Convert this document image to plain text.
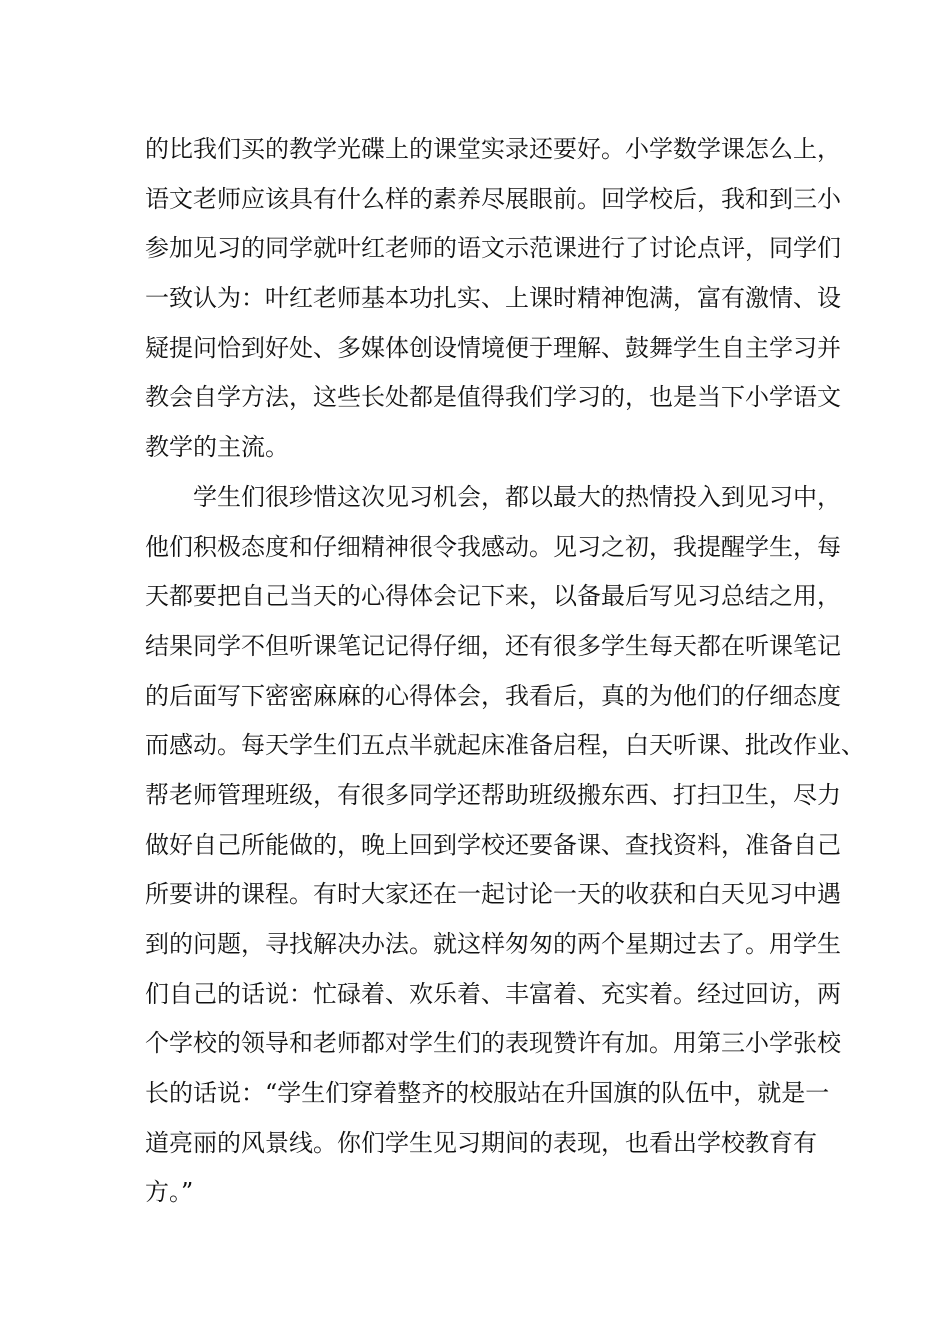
的比我们买的教学光碟上的课堂实录还要好。小学数学课怎么上，
语文老师应该具有什么样的素养尽展眼前。回学校后，我和到三小
参加见习的同学就叶红老师的语文示范课进行了讨论点评，同学们
一致认为：叶红老师基本功扎实、上课时精神饱满，富有激情、设
疑提问恰到好处、多媒体创设情境便于理解、鼓舞学生自主学习并
教会自学方法，这些长处都是值得我们学习的，也是当下小学语文
教学的主流。
学生们很珍惜这次见习机会，都以最大的热情投入到见习中，
他们积极态度和仔细精神很令我感动。见习之初，我提醒学生，每
天都要把自己当天的心得体会记下来，以备最后写见习总结之用，
结果同学不但听课笔记记得仔细，还有很多学生每天都在听课笔记
的后面写下密密麻麻的心得体会，我看后，真的为他们的仔细态度
而感动。每天学生们五点半就起床准备启程，白天听课、批改作业、
帮老师管理班级，有很多同学还帮助班级搬东西、打扫卫生，尽力
做好自己所能做的，晚上回到学校还要备课、查找资料，准备自己
所要讲的课程。有时大家还在一起讨论一天的收获和白天见习中遇
到的问题，寻找解决办法。就这样匆匆的两个星期过去了。用学生
们自己的话说：忙碌着、欢乐着、丰富着、充实着。经过回访，两
个学校的领导和老师都对学生们的表现赞许有加。用第三小学张校
长的话说：“学生们穿着整齐的校服站在升国旗的队伍中，就是一
道亮丽的风景线。你们学生见习期间的表现，也看出学校教育有
方。”
